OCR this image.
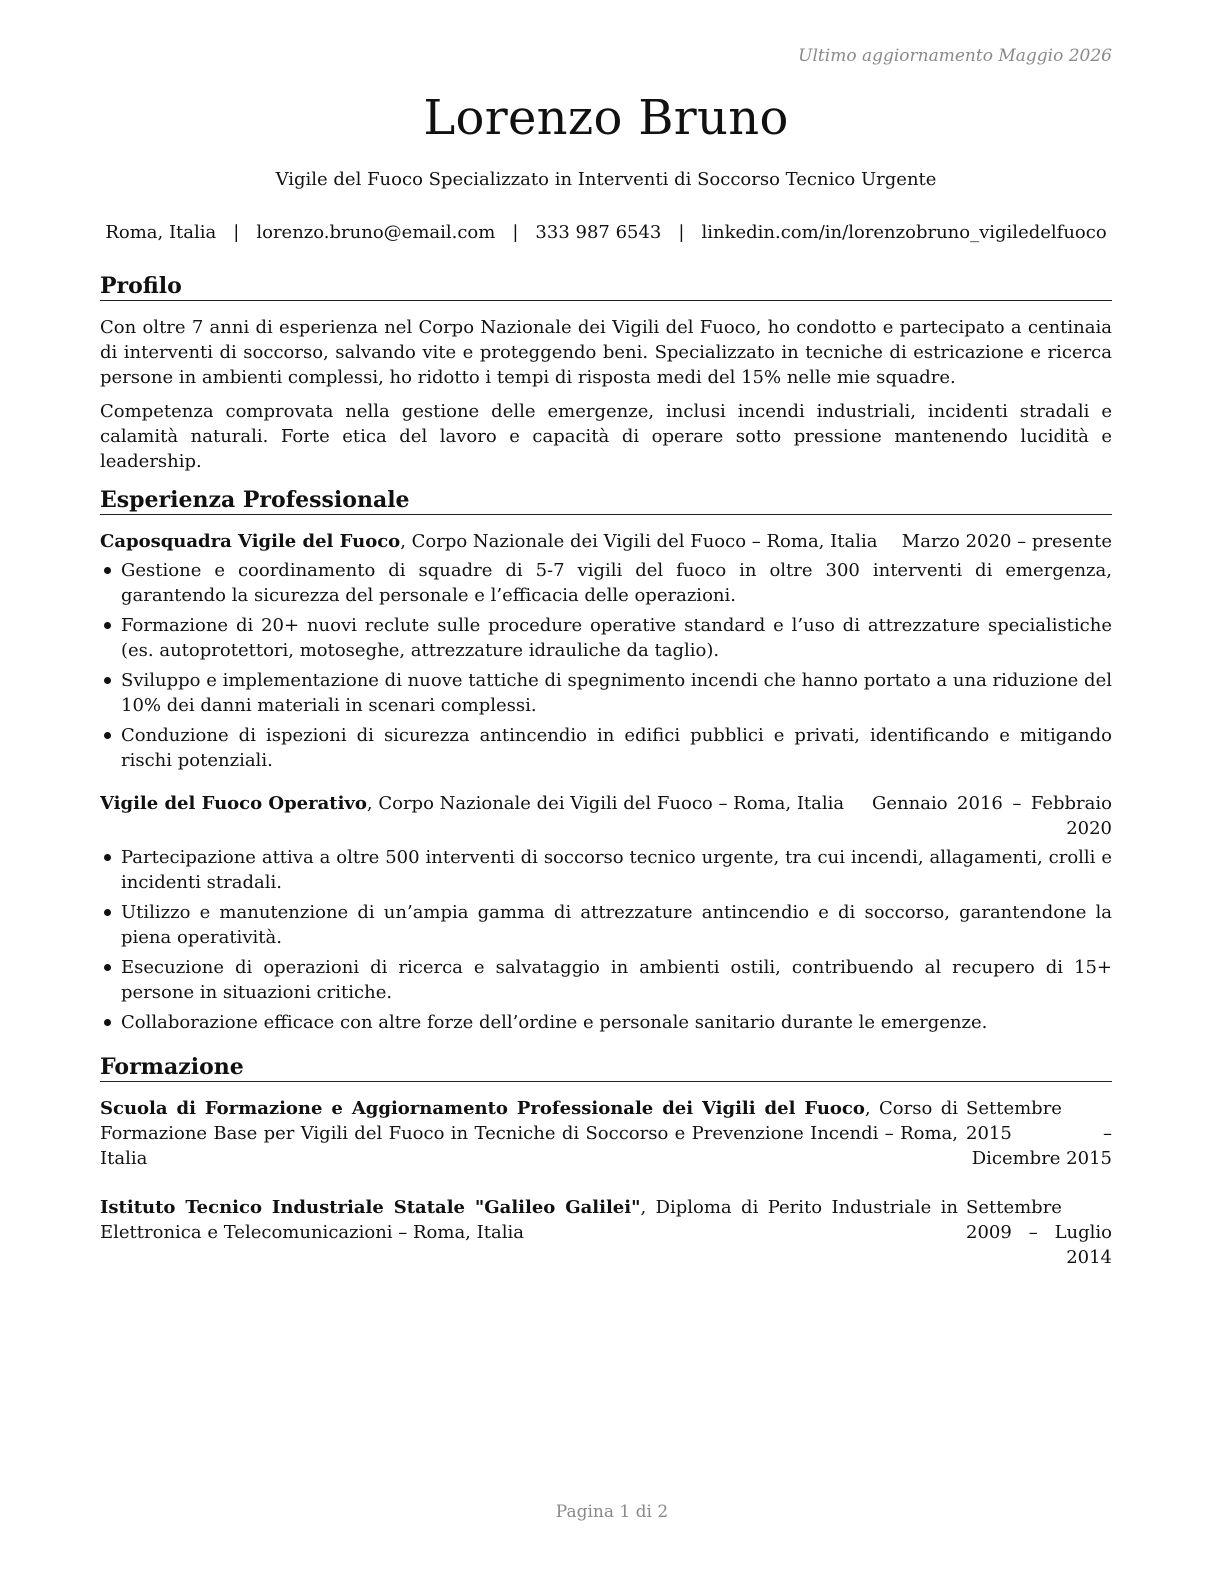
Ultimo aggiornamento Maggio 2026
Lorenzo Bruno
Vigile del Fuoco Specializzato in Interventi di Soccorso Tecnico Urgente
Roma, Italia | lorenzo.bruno@email.com | 333 987 6543 | linkedin.com/in/lorenzobruno_vigiledelfuoco
Profilo

Con oltre 7 anni di esperienza nel Corpo Nazionale dei Vigili del Fuoco, ho condotto e partecipato a centinaia di interventi di soccorso, salvando vite e proteggendo beni. Specializzato in tecniche di estricazione e ricerca persone in ambienti complessi, ho ridotto i tempi di risposta medi del 15% nelle mie squadre.

Competenza comprovata nella gestione delle emergenze, inclusi incendi industriali, incidenti stradali e calamità naturali. Forte etica del lavoro e capacità di operare sotto pressione mantenendo lucidità e leadership.

Esperienza Professionale
Caposquadra Vigile del Fuoco, Corpo Nazionale dei Vigili del Fuoco – Roma, Italia	Marzo 2020 – presente
Gestione e coordinamento di squadre di 5-7 vigili del fuoco in oltre 300 interventi di emergenza, garantendo la sicurezza del personale e l’efficacia delle operazioni.
Formazione di 20+ nuovi reclute sulle procedure operative standard e l’uso di attrezzature specialistiche (es. autoprotettori, motoseghe, attrezzature idrauliche da taglio).
Sviluppo e implementazione di nuove tattiche di spegnimento incendi che hanno portato a una riduzione del 10% dei danni materiali in scenari complessi.
Conduzione di ispezioni di sicurezza antincendio in edifici pubblici e privati, identificando e mitigando rischi potenziali.
Vigile del Fuoco Operativo, Corpo Nazionale dei Vigili del Fuoco – Roma, Italia	Gennaio 2016 – Febbraio 2020
Partecipazione attiva a oltre 500 interventi di soccorso tecnico urgente, tra cui incendi, allagamenti, crolli e incidenti stradali.
Utilizzo e manutenzione di un’ampia gamma di attrezzature antincendio e di soccorso, garantendone la piena operatività.
Esecuzione di operazioni di ricerca e salvataggio in ambienti ostili, contribuendo al recupero di 15+ persone in situazioni critiche.
Collaborazione efficace con altre forze dell’ordine e personale sanitario durante le emergenze.
Formazione
Scuola di Formazione e Aggiornamento Professionale dei Vigili del Fuoco, Corso di Formazione Base per Vigili del Fuoco in Tecniche di Soccorso e Prevenzione Incendi – Roma, Italia
Settembre 2015 – Dicembre 2015
Istituto Tecnico Industriale Statale "Galileo Galilei", Diploma di Perito Industriale in Elettronica e Telecomunicazioni – Roma, Italia
Settembre 2009 – Luglio 2014
Pagina 1 di 2
